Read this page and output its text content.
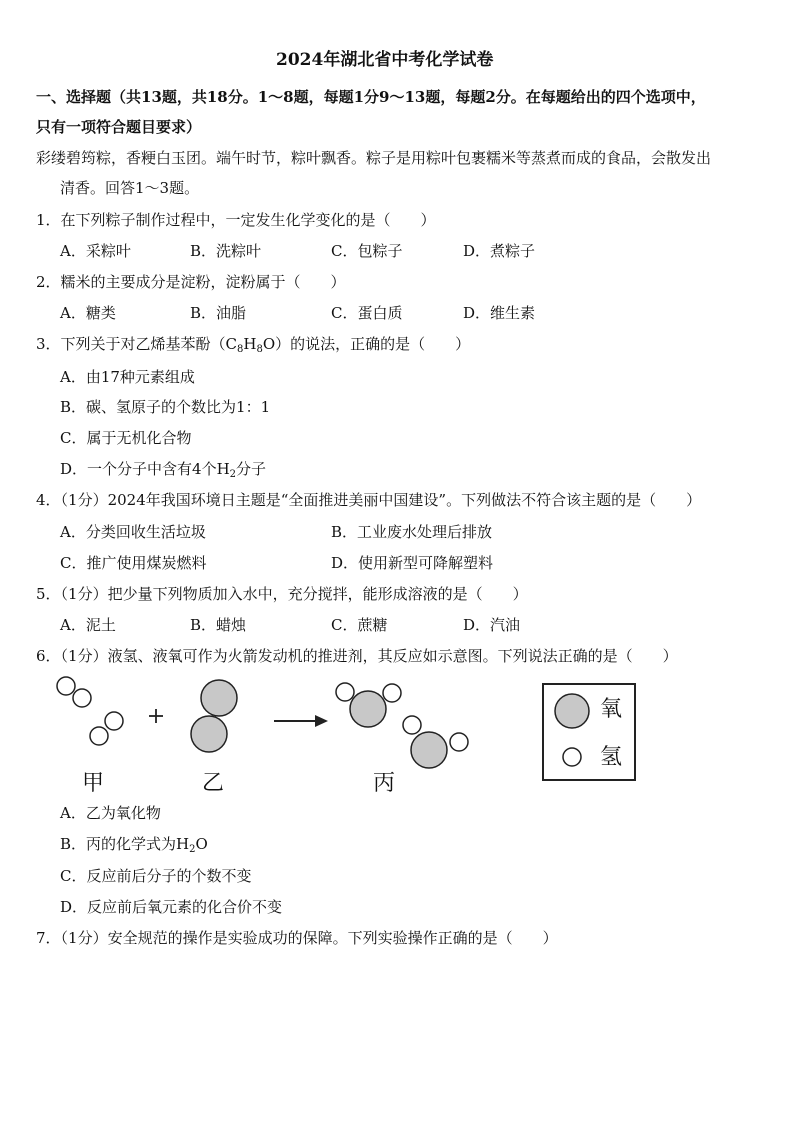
2024年湖北省中考化学试卷
一、选择题（共13题，共18分。1～8题，每题1分9～13题，每题2分。在每题给出的四个选项中，
只有一项符合题目要求）
彩缕碧筠粽，香粳白玉团。端午时节，粽叶飘香。粽子是用粽叶包裹糯米等蒸煮而成的食品，会散发出
清香。回答1～3题。
1．在下列粽子制作过程中，一定发生化学变化的是（　　）
A．采粽叶	B．洗粽叶	C．包粽子	D．煮粽子
2．糯米的主要成分是淀粉，淀粉属于（　　）
A．糖类	B．油脂	C．蛋白质	D．维生素
3．下列关于对乙烯基苯酚$(C_8H_8O)$的说法，正确的是（　　）
A．由17种元素组成
B．碳、氢原子的个数比为1：1
C．属于无机化合物
D．一个分子中含有4个$H_2$分子
4．（1分）2024年我国环境日主题是“全面推进美丽中国建设”。下列做法不符合该主题的是（　　）
A．分类回收生活垃圾	B．工业废水处理后排放
C．推广使用煤炭燃料	D．使用新型可降解塑料
5．（1分）把少量下列物质加入水中，充分搅拌，能形成溶液的是（　　）
A．泥土	B．蜡烛	C．蔗糖	D．汽油
6．（1分）液氢、液氧可作为火箭发动机的推进剂，其反应如示意图。下列说法正确的是（　　）
甲	乙	丙
氧
氢
A．乙为氧化物
B．丙的化学式为$H_2O$
C．反应前后分子的个数不变
D．反应前后氧元素的化合价不变
7．（1分）安全规范的操作是实验成功的保障。下列实验操作正确的是（　　）
